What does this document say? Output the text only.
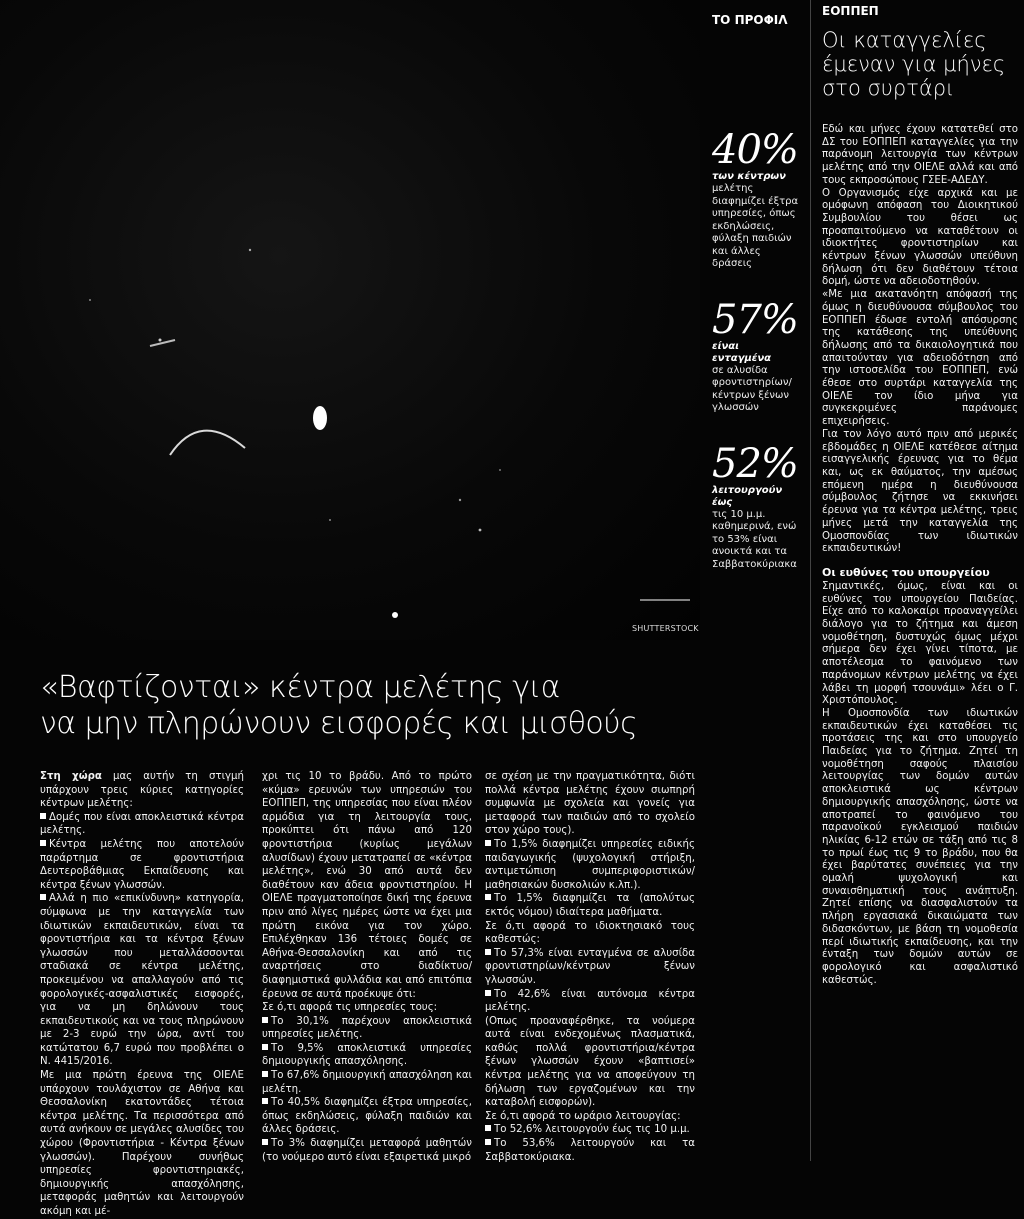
SHUTTERSTOCK
«Βαφτίζονται» κέντρα μελέτης για
να μην πληρώνουν εισφορές και μισθούς

Στη χώρα μας αυτήν τη στιγμή υπάρχουν τρεις κύριες κατηγορίες κέντρων μελέτης:

Δομές που είναι αποκλειστικά κέντρα μελέτης.

Κέντρα μελέτης που αποτελούν παράρτημα σε φροντιστήρια Δευτεροβάθμιας Εκπαίδευσης και κέντρα ξένων γλωσσών.

Αλλά η πιο «επικίνδυνη» κατηγορία, σύμφωνα με την καταγγελία των ιδιωτικών εκπαιδευτικών, είναι τα φροντιστήρια και τα κέντρα ξένων γλωσσών που μεταλλάσσονται σταδιακά σε κέντρα μελέτης, προκειμένου να απαλλαγούν από τις φορολογικές-ασφαλιστικές εισφορές, για να μη δηλώνουν τους εκπαιδευτικούς και να τους πληρώνουν με 2-3 ευρώ την ώρα, αντί του κατώτατου 6,7 ευρώ που προβλέπει ο Ν. 4415/2016.

Με μια πρώτη έρευνα της ΟΙΕΛΕ υπάρχουν τουλάχιστον σε Αθήνα και Θεσσαλονίκη εκατοντάδες τέτοια κέντρα μελέτης. Τα περισσότερα από αυτά ανήκουν σε μεγάλες αλυσίδες του χώρου (Φροντιστήρια - Κέντρα ξένων γλωσσών). Παρέχουν συνήθως υπηρεσίες φροντιστηριακές, δημιουργικής απασχόλησης, μεταφοράς μαθητών και λειτουργούν ακόμη και μέ-

χρι τις 10 το βράδυ. Από το πρώτο «κύμα» ερευνών των υπηρεσιών του ΕΟΠΠΕΠ, της υπηρεσίας που είναι πλέον αρμόδια για τη λειτουργία τους, προκύπτει ότι πάνω από 120 φροντιστήρια (κυρίως μεγάλων αλυσίδων) έχουν μετατραπεί σε «κέντρα μελέτης», ενώ 30 από αυτά δεν διαθέτουν καν άδεια φροντιστηρίου. Η ΟΙΕΛΕ πραγματοποίησε δική της έρευνα πριν από λίγες ημέρες ώστε να έχει μια πρώτη εικόνα για τον χώρο. Επιλέχθηκαν 136 τέτοιες δομές σε Αθήνα-Θεσσαλονίκη και από τις αναρτήσεις στο διαδίκτυο/ διαφημιστικά φυλλάδια και από επιτόπια έρευνα σε αυτά προέκυψε ότι:

Σε ό,τι αφορά τις υπηρεσίες τους:

Το 30,1% παρέχουν αποκλειστικά υπηρεσίες μελέτης.

Το 9,5% αποκλειστικά υπηρεσίες δημιουργικής απασχόλησης.

Το 67,6% δημιουργική απασχόληση και μελέτη.

Το 40,5% διαφημίζει έξτρα υπηρεσίες, όπως εκδηλώσεις, φύλαξη παιδιών και άλλες δράσεις.

Το 3% διαφημίζει μεταφορά μαθητών (το νούμερο αυτό είναι εξαιρετικά μικρό

σε σχέση με την πραγματικότητα, διότι πολλά κέντρα μελέτης έχουν σιωπηρή συμφωνία με σχολεία και γονείς για μεταφορά των παιδιών από το σχολείο στον χώρο τους).

Το 1,5% διαφημίζει υπηρεσίες ειδικής παιδαγωγικής (ψυχολογική στήριξη, αντιμετώπιση συμπεριφοριστικών/μαθησιακών δυσκολιών κ.λπ.).

Το 1,5% διαφημίζει τα (απολύτως εκτός νόμου) ιδιαίτερα μαθήματα.

Σε ό,τι αφορά το ιδιοκτησιακό τους καθεστώς:

Το 57,3% είναι ενταγμένα σε αλυσίδα φροντιστηρίων/κέντρων ξένων γλωσσών.

Το 42,6% είναι αυτόνομα κέντρα μελέτης.

(Οπως προαναφέρθηκε, τα νούμερα αυτά είναι ενδεχομένως πλασματικά, καθώς πολλά φροντιστήρια/κέντρα ξένων γλωσσών έχουν «βαπτισεί» κέντρα μελέτης για να αποφεύγουν τη δήλωση των εργαζομένων και την καταβολή εισφορών).

Σε ό,τι αφορά το ωράριο λειτουργίας:

Το 52,6% λειτουργούν έως τις 10 μ.μ.

Το 53,6% λειτουργούν και τα Σαββατοκύριακα.

ΤΟ ΠΡΟΦΙΛ
40%
των κέντρων
μελέτης διαφημίζει έξτρα υπηρεσίες, όπως εκδηλώσεις, φύλαξη παιδιών και άλλες δράσεις
57%
είναι ενταγμένα
σε αλυσίδα φροντιστηρίων/ κέντρων ξένων γλωσσών
52%
λειτουργούν έως
τις 10 μ.μ. καθημερινά, ενώ το 53% είναι ανοικτά και τα Σαββατοκύριακα
ΕΟΠΠΕΠ
Οι καταγγελίες έμεναν για μήνες στο συρτάρι

Εδώ και μήνες έχουν κατατεθεί στο ΔΣ του ΕΟΠΠΕΠ καταγγελίες για την παράνομη λειτουργία των κέντρων μελέτης από την ΟΙΕΛΕ αλλά και από τους εκπροσώπους ΓΣΕΕ-ΑΔΕΔΥ.

Ο Οργανισμός είχε αρχικά και με ομόφωνη απόφαση του Διοικητικού Συμβουλίου του θέσει ως προαπαιτούμενο να καταθέτουν οι ιδιοκτήτες φροντιστηρίων και κέντρων ξένων γλωσσών υπεύθυνη δήλωση ότι δεν διαθέτουν τέτοια δομή, ώστε να αδειοδοτηθούν.

«Με μια ακατανόητη απόφασή της όμως η διευθύνουσα σύμβουλος του ΕΟΠΠΕΠ έδωσε εντολή απόσυρσης της κατάθεσης της υπεύθυνης δήλωσης από τα δικαιολογητικά που απαιτούνταν για αδειοδότηση από την ιστοσελίδα του ΕΟΠΠΕΠ, ενώ έθεσε στο συρτάρι καταγγελία της ΟΙΕΛΕ τον ίδιο μήνα για συγκεκριμένες παράνομες επιχειρήσεις.

Για τον λόγο αυτό πριν από μερικές εβδομάδες η ΟΙΕΛΕ κατέθεσε αίτημα εισαγγελικής έρευνας για το θέμα και, ως εκ θαύματος, την αμέσως επόμενη ημέρα η διευθύνουσα σύμβουλος ζήτησε να εκκινήσει έρευνα για τα κέντρα μελέτης, τρεις μήνες μετά την καταγγελία της Ομοσπονδίας των ιδιωτικών εκπαιδευτικών!

Οι ευθύνες του υπουργείου

Σημαντικές, όμως, είναι και οι ευθύνες του υπουργείου Παιδείας. Είχε από το καλοκαίρι προαναγγείλει διάλογο για το ζήτημα και άμεση νομοθέτηση, δυστυχώς όμως μέχρι σήμερα δεν έχει γίνει τίποτα, με αποτέλεσμα το φαινόμενο των παράνομων κέντρων μελέτης να έχει λάβει τη μορφή τσουνάμι» λέει ο Γ. Χριστόπουλος.

Η Ομοσπονδία των ιδιωτικών εκπαιδευτικών έχει καταθέσει τις προτάσεις της και στο υπουργείο Παιδείας για το ζήτημα. Ζητεί τη νομοθέτηση σαφούς πλαισίου λειτουργίας των δομών αυτών αποκλειστικά ως κέντρων δημιουργικής απασχόλησης, ώστε να αποτραπεί το φαινόμενο του παρανοϊκού εγκλεισμού παιδιών ηλικίας 6-12 ετών σε τάξη από τις 8 το πρωί έως τις 9 το βράδυ, που θα έχει βαρύτατες συνέπειες για την ομαλή ψυχολογική και συναισθηματική τους ανάπτυξη. Ζητεί επίσης να διασφαλιστούν τα πλήρη εργασιακά δικαιώματα των διδασκόντων, με βάση τη νομοθεσία περί ιδιωτικής εκπαίδευσης, και την ένταξη των δομών αυτών σε φορολογικό και ασφαλιστικό καθεστώς.
